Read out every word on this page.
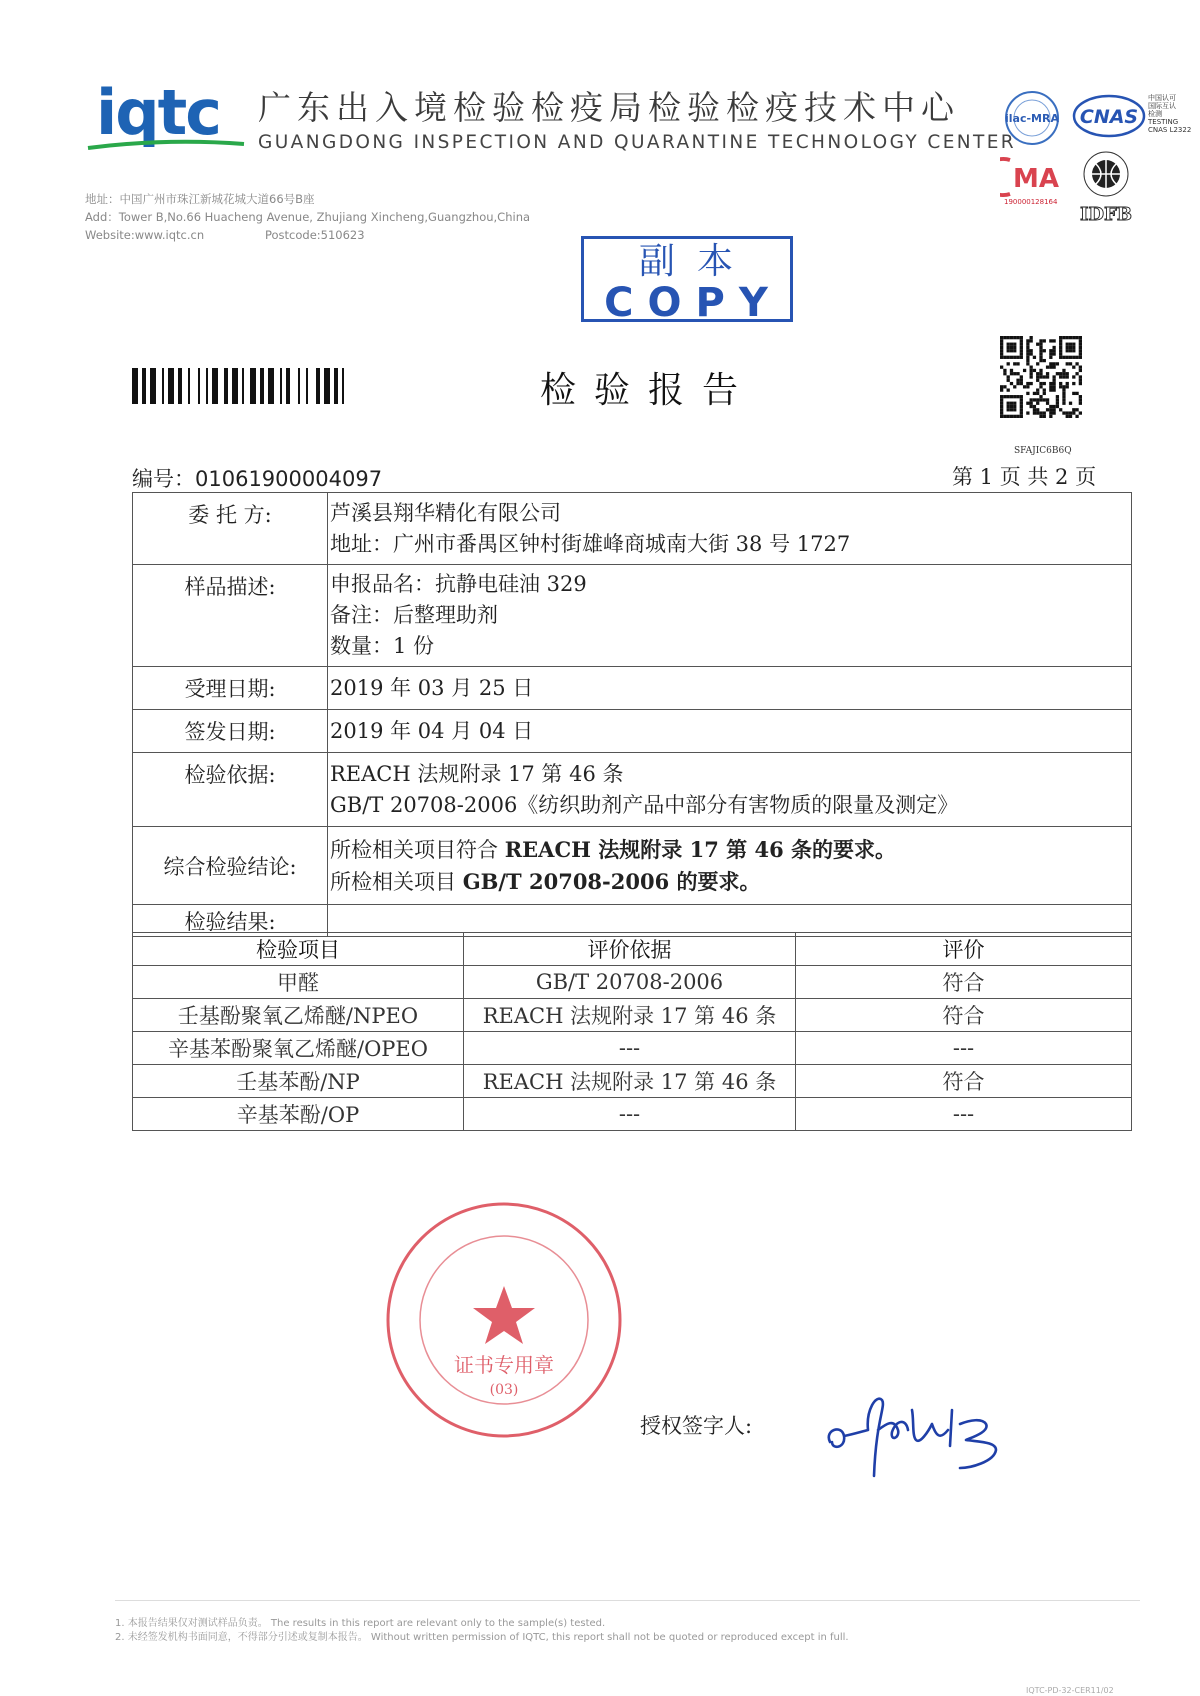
iqtc	广东出入境检验检疫局检验检疫技术中心
GUANGDONG INSPECTION AND QUARANTINE TECHNOLOGY CENTER
地址：中国广州市珠江新城花城大道66号B座
Add：Tower B,No.66 Huacheng Avenue, Zhujiang Xincheng,Guangzhou,China
Website:www.iqtc.cn	Postcode:510623
ilac-MRA CNAS
中国认可
国际互认
检测
TESTING
CNAS L2322
MA
190000128164
IDFB
副本
COPY
检验报告
SFAJIC6B6Q
编号：01061900004097	第 1 页 共 2 页
委 托 方:	芦溪县翔华精化有限公司
地址：广州市番禺区钟村街雄峰商城南大街 38 号 1727

样品描述:	申报品名：抗静电硅油 329
备注：后整理助剂
数量：1 份

受理日期:	2019 年 03 月 25 日
签发日期:	2019 年 04 月 04 日
检验依据:	REACH 法规附录 17 第 46 条
GB/T 20708-2006《纺织助剂产品中部分有害物质的限量及测定》

综合检验结论:	所检相关项目符合 REACH 法规附录 17 第 46 条的要求。
所检相关项目 GB/T 20708-2006 的要求。

检验结果:	
检验项目	评价依据	评价
甲醛	GB/T 20708-2006	符合
壬基酚聚氧乙烯醚/NPEO	REACH 法规附录 17 第 46 条	符合
辛基苯酚聚氧乙烯醚/OPEO	---	---
壬基苯酚/NP	REACH 法规附录 17 第 46 条	符合
辛基苯酚/OP	---	---
证书专用章
(03)
授权签字人:
1. 本报告结果仅对测试样品负责。 The results in this report are relevant only to the sample(s) tested.
2. 未经签发机构书面同意，不得部分引述或复制本报告。 Without written permission of IQTC, this report shall not be quoted or reproduced except in full.
IQTC-PD-32-CER11/02
